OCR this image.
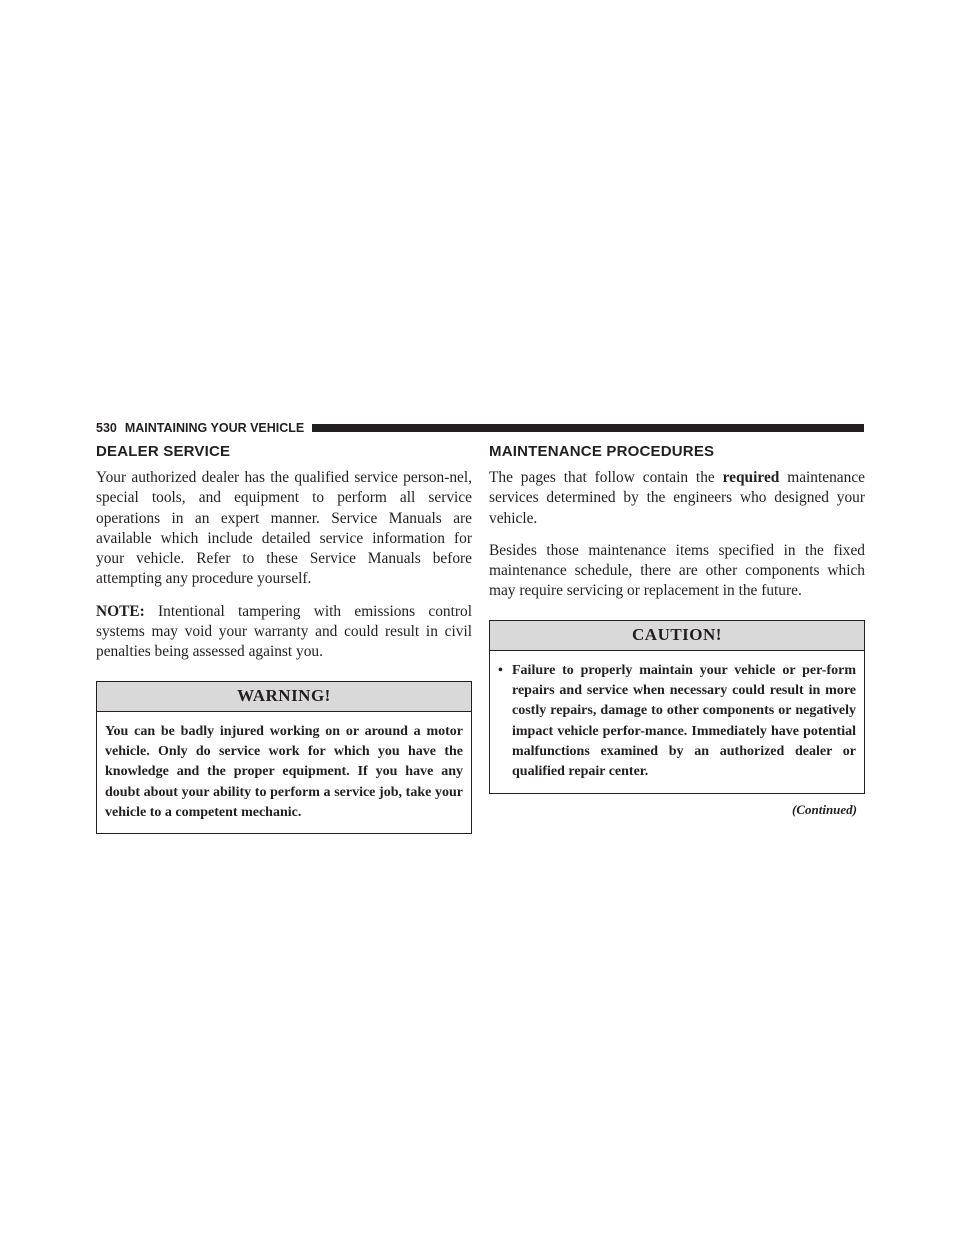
530 MAINTAINING YOUR VEHICLE
DEALER SERVICE

Your authorized dealer has the qualified service person-nel, special tools, and equipment to perform all service operations in an expert manner. Service Manuals are available which include detailed service information for your vehicle. Refer to these Service Manuals before attempting any procedure yourself.

NOTE: Intentional tampering with emissions control systems may void your warranty and could result in civil penalties being assessed against you.

WARNING!
You can be badly injured working on or around a motor vehicle. Only do service work for which you have the knowledge and the proper equipment. If you have any doubt about your ability to perform a service job, take your vehicle to a competent mechanic.
MAINTENANCE PROCEDURES

The pages that follow contain the required maintenance services determined by the engineers who designed your vehicle.

Besides those maintenance items specified in the fixed maintenance schedule, there are other components which may require servicing or replacement in the future.

CAUTION!
• Failure to properly maintain your vehicle or per-form repairs and service when necessary could result in more costly repairs, damage to other components or negatively impact vehicle perfor-mance. Immediately have potential malfunctions examined by an authorized dealer or qualified repair center.
(Continued)
